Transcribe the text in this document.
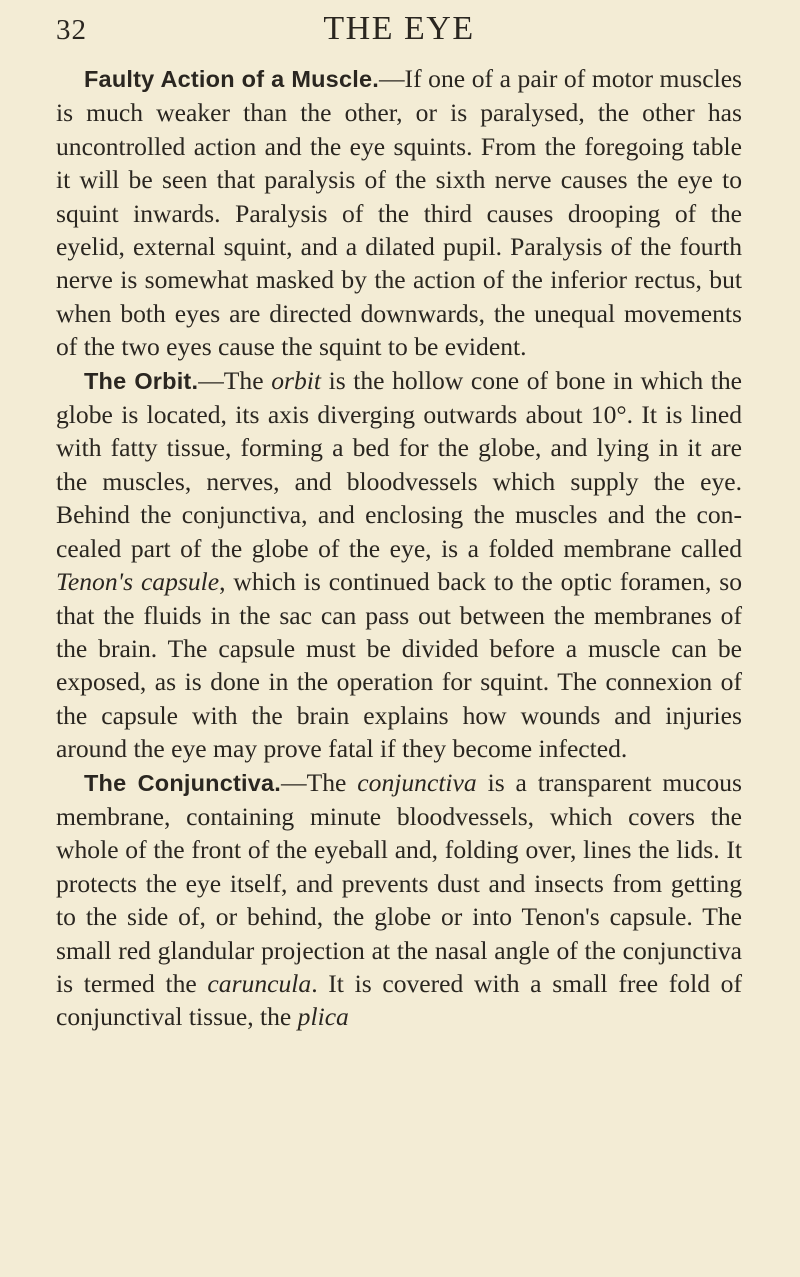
32	THE EYE

Faulty Action of a Muscle.—If one of a pair of motor muscles is much weaker than the other, or is paralysed, the other has uncontrolled action and the eye squints. From the foregoing table it will be seen that paralysis of the sixth nerve causes the eye to squint inwards. Paralysis of the third causes drooping of the eyelid, external squint, and a dilated pupil. Paralysis of the fourth nerve is somewhat masked by the action of the inferior rectus, but when both eyes are directed downwards, the unequal movements of the two eyes cause the squint to be evident.

The Orbit.—The orbit is the hollow cone of bone in which the globe is located, its axis diverging outwards about 10°. It is lined with fatty tissue, forming a bed for the globe, and lying in it are the muscles, nerves, and bloodvessels which supply the eye. Behind the conjunctiva, and enclosing the muscles and the con- cealed part of the globe of the eye, is a folded membrane called Tenon's capsule, which is continued back to the optic foramen, so that the fluids in the sac can pass out between the membranes of the brain. The capsule must be divided before a muscle can be exposed, as is done in the operation for squint. The connexion of the capsule with the brain explains how wounds and injuries around the eye may prove fatal if they become infected.

The Conjunctiva.—The conjunctiva is a transparent mucous membrane, containing minute bloodvessels, which covers the whole of the front of the eyeball and, folding over, lines the lids. It protects the eye itself, and prevents dust and insects from getting to the side of, or behind, the globe or into Tenon's capsule. The small red glandular projection at the nasal angle of the conjunctiva is termed the caruncula. It is covered with a small free fold of conjunctival tissue, the plica
